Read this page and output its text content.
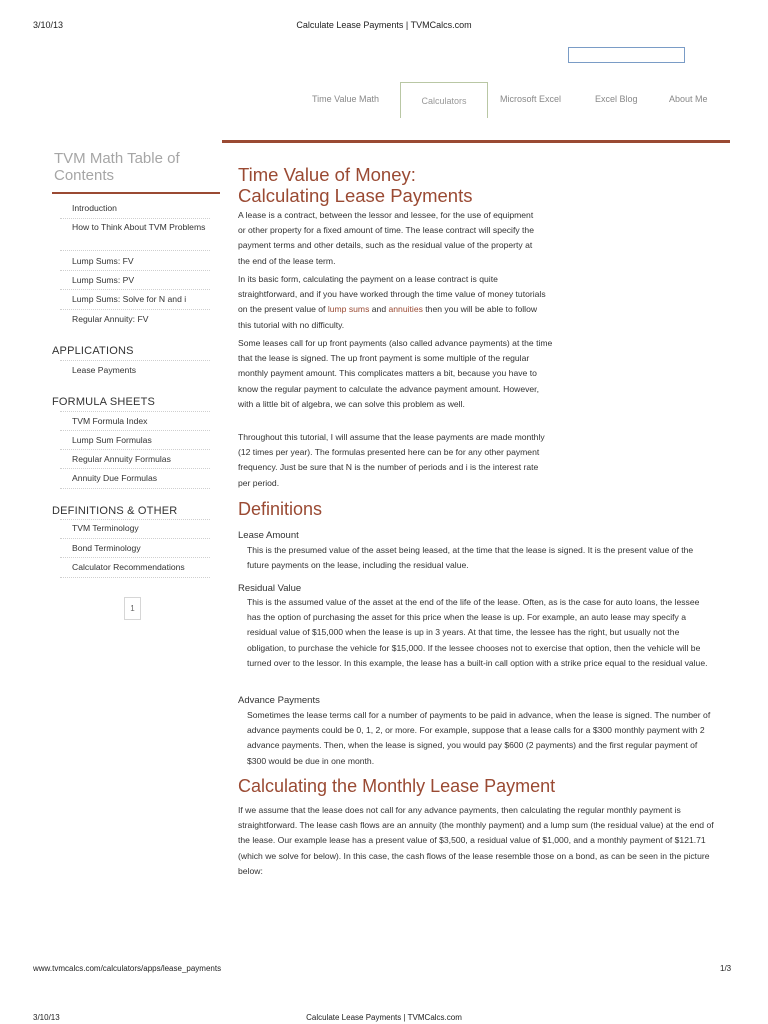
3/10/13	Calculate Lease Payments | TVMCalcs.com
Time Value Math	Calculators	Microsoft Excel	Excel Blog	About Me
TVM Math Table of Contents
Introduction
How to Think About TVM Problems
Lump Sums: FV
Lump Sums: PV
Lump Sums: Solve for N and i
Regular Annuity: FV
APPLICATIONS
Lease Payments
FORMULA SHEETS
TVM Formula Index
Lump Sum Formulas
Regular Annuity Formulas
Annuity Due Formulas
DEFINITIONS & OTHER
TVM Terminology
Bond Terminology
Calculator Recommendations
1
Time Value of Money:
Calculating Lease Payments
A lease is a contract, between the lessor and lessee, for the use of equipment or other property for a fixed amount of time. The lease contract will specify the payment terms and other details, such as the residual value of the property at the end of the lease term.
In its basic form, calculating the payment on a lease contract is quite straightforward, and if you have worked through the time value of money tutorials on the present value of lump sums and annuities then you will be able to follow this tutorial with no difficulty.
Some leases call for up front payments (also called advance payments) at the time that the lease is signed. The up front payment is some multiple of the regular monthly payment amount. This complicates matters a bit, because you have to know the regular payment to calculate the advance payment amount. However, with a little bit of algebra, we can solve this problem as well.
Throughout this tutorial, I will assume that the lease payments are made monthly (12 times per year). The formulas presented here can be for any other payment frequency. Just be sure that N is the number of periods and i is the interest rate per period.
Definitions
Lease Amount
This is the presumed value of the asset being leased, at the time that the lease is signed. It is the present value of the future payments on the lease, including the residual value.
Residual Value
This is the assumed value of the asset at the end of the life of the lease. Often, as is the case for auto loans, the lessee has the option of purchasing the asset for this price when the lease is up. For example, an auto lease may specify a residual value of $15,000 when the lease is up in 3 years. At that time, the lessee has the right, but usually not the obligation, to purchase the vehicle for $15,000. If the lessee chooses not to exercise that option, then the vehicle will be turned over to the lessor. In this example, the lease has a built-in call option with a strike price equal to the residual value.
Advance Payments
Sometimes the lease terms call for a number of payments to be paid in advance, when the lease is signed. The number of advance payments could be 0, 1, 2, or more. For example, suppose that a lease calls for a $300 monthly payment with 2 advance payments. Then, when the lease is signed, you would pay $600 (2 payments) and the first regular payment of $300 would be due in one month.
Calculating the Monthly Lease Payment
If we assume that the lease does not call for any advance payments, then calculating the regular monthly payment is straightforward. The lease cash flows are an annuity (the monthly payment) and a lump sum (the residual value) at the end of the lease. Our example lease has a present value of $3,500, a residual value of $1,000, and a monthly payment of $121.71 (which we solve for below). In this case, the cash flows of the lease resemble those on a bond, as can be seen in the picture below:
www.tvmcalcs.com/calculators/apps/lease_payments	1/3
3/10/13	Calculate Lease Payments | TVMCalcs.com
